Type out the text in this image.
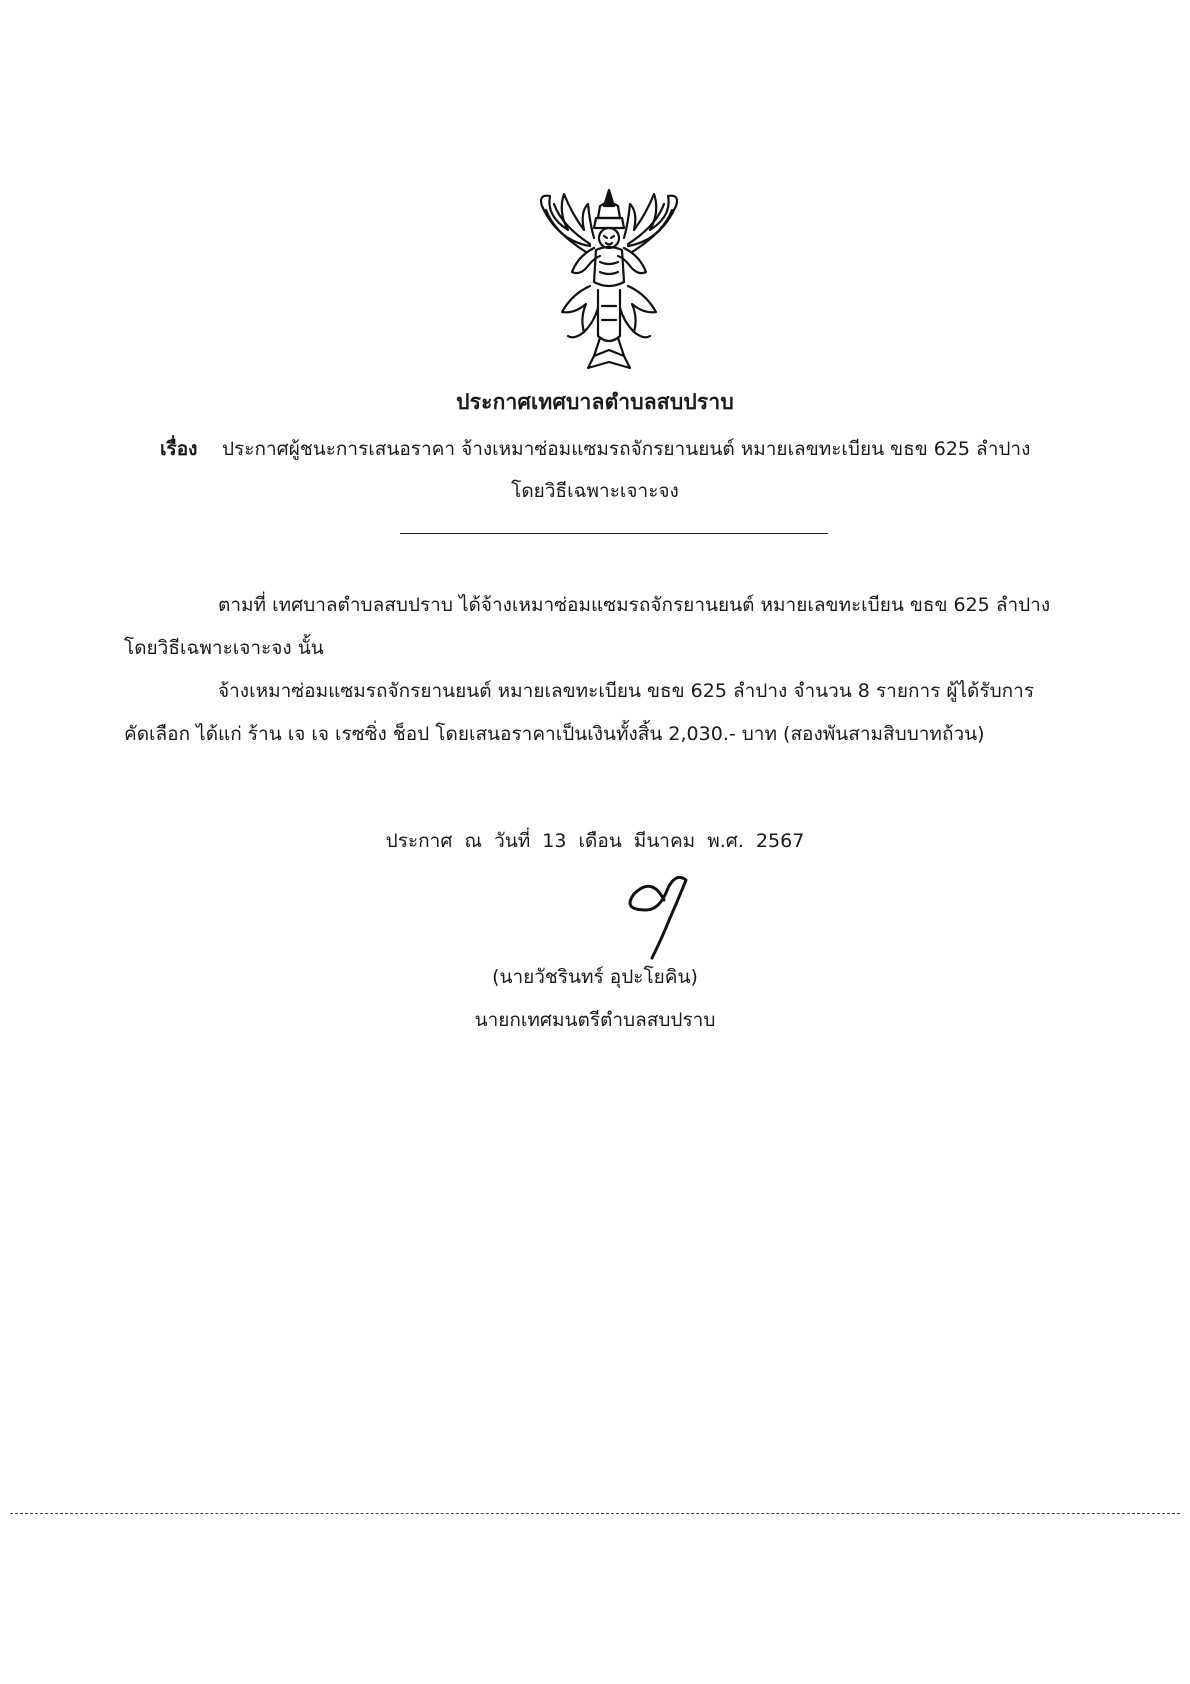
ประกาศเทศบาลตำบลสบปราบ
เรื่อง ประกาศผู้ชนะการเสนอราคา จ้างเหมาซ่อมแซมรถจักรยานยนต์ หมายเลขทะเบียน ขธข 625 ลำปาง
โดยวิธีเฉพาะเจาะจง
ตามที่ เทศบาลตำบลสบปราบ ได้จ้างเหมาซ่อมแซมรถจักรยานยนต์ หมายเลขทะเบียน ขธข 625 ลำปาง
โดยวิธีเฉพาะเจาะจง นั้น
จ้างเหมาซ่อมแซมรถจักรยานยนต์ หมายเลขทะเบียน ขธข 625 ลำปาง จำนวน 8 รายการ ผู้ได้รับการ
คัดเลือก ได้แก่ ร้าน เจ เจ เรซซิ่ง ช็อป โดยเสนอราคาเป็นเงินทั้งสิ้น 2,030.- บาท (สองพันสามสิบบาทถ้วน)
ประกาศ ณ วันที่ 13 เดือน มีนาคม พ.ศ. 2567
(นายวัชรินทร์ อุปะโยคิน)
นายกเทศมนตรีตำบลสบปราบ
